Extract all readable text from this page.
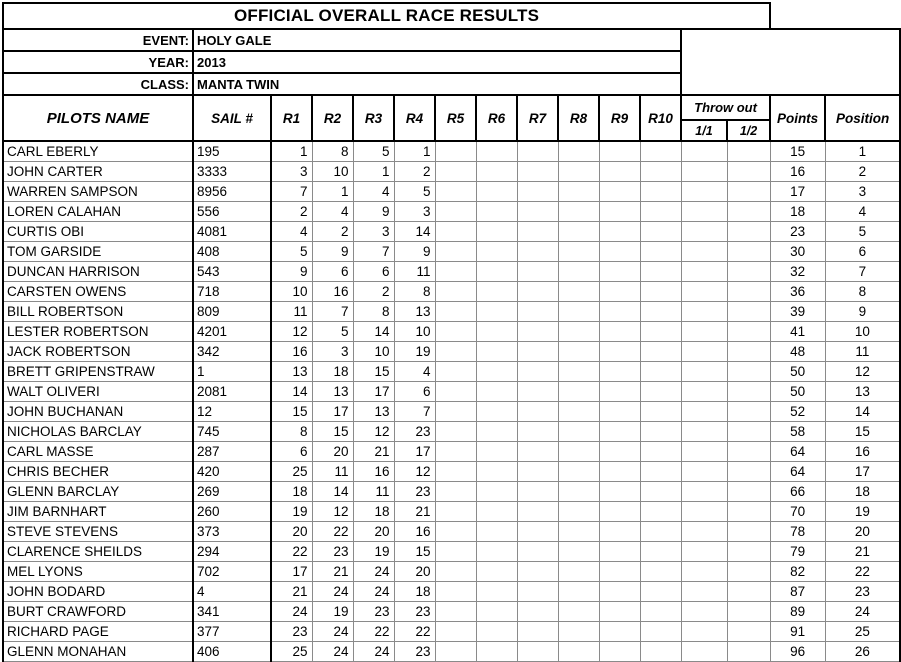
OFFICIAL OVERALL RACE RESULTS															
EVENT:	HOLY GALE														
YEAR:	2013														
CLASS:	MANTA TWIN														
PILOTS NAME	SAIL #	R1	R2	R3	R4	R5	R6	R7	R8	R9	R10	Throw out		Points	Position
												1/1	1/2		
CARL EBERLY	195	1	8	5	1									15	1
JOHN CARTER	3333	3	10	1	2									16	2
WARREN SAMPSON	8956	7	1	4	5									17	3
LOREN CALAHAN	556	2	4	9	3									18	4
CURTIS OBI	4081	4	2	3	14									23	5
TOM GARSIDE	408	5	9	7	9									30	6
DUNCAN HARRISON	543	9	6	6	11									32	7
CARSTEN OWENS	718	10	16	2	8									36	8
BILL ROBERTSON	809	11	7	8	13									39	9
LESTER ROBERTSON	4201	12	5	14	10									41	10
JACK ROBERTSON	342	16	3	10	19									48	11
BRETT GRIPENSTRAW	1	13	18	15	4									50	12
WALT OLIVERI	2081	14	13	17	6									50	13
JOHN BUCHANAN	12	15	17	13	7									52	14
NICHOLAS BARCLAY	745	8	15	12	23									58	15
CARL MASSE	287	6	20	21	17									64	16
CHRIS BECHER	420	25	11	16	12									64	17
GLENN BARCLAY	269	18	14	11	23									66	18
JIM BARNHART	260	19	12	18	21									70	19
STEVE STEVENS	373	20	22	20	16									78	20
CLARENCE SHEILDS	294	22	23	19	15									79	21
MEL LYONS	702	17	21	24	20									82	22
JOHN BODARD	4	21	24	24	18									87	23
BURT CRAWFORD	341	24	19	23	23									89	24
RICHARD PAGE	377	23	24	22	22									91	25
GLENN MONAHAN	406	25	24	24	23									96	26
